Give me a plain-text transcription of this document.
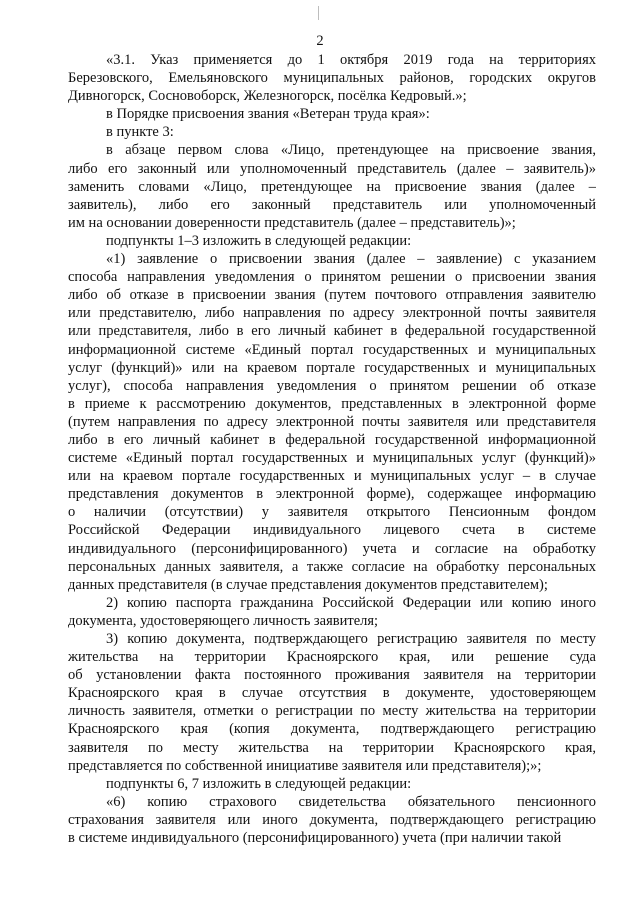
2
«3.1. Указ применяется до 1 октября 2019 года на территориях
Березовского, Емельяновского муниципальных районов, городских округов
Дивногорск, Сосновоборск, Железногорск, посёлка Кедровый.»;
в Порядке присвоения звания «Ветеран труда края»:
в пункте 3:
в абзаце первом слова «Лицо, претендующее на присвоение звания,
либо его законный или уполномоченный представитель (далее – заявитель)»
заменить словами «Лицо, претендующее на присвоение звания (далее –
заявитель), либо его законный представитель или уполномоченный
им на основании доверенности представитель (далее – представитель)»;
подпункты 1–3 изложить в следующей редакции:
«1) заявление о присвоении звания (далее – заявление) с указанием
способа направления уведомления о принятом решении о присвоении звания
либо об отказе в присвоении звания (путем почтового отправления заявителю
или представителю, либо направления по адресу электронной почты заявителя
или представителя, либо в его личный кабинет в федеральной государственной
информационной системе «Единый портал государственных и муниципальных
услуг (функций)» или на краевом портале государственных и муниципальных
услуг), способа направления уведомления о принятом решении об отказе
в приеме к рассмотрению документов, представленных в электронной форме
(путем направления по адресу электронной почты заявителя или представителя
либо в его личный кабинет в федеральной государственной информационной
системе «Единый портал государственных и муниципальных услуг (функций)»
или на краевом портале государственных и муниципальных услуг – в случае
представления документов в электронной форме), содержащее информацию
о наличии (отсутствии) у заявителя открытого Пенсионным фондом
Российской Федерации индивидуального лицевого счета в системе
индивидуального (персонифицированного) учета и согласие на обработку
персональных данных заявителя, а также согласие на обработку персональных
данных представителя (в случае представления документов представителем);
2) копию паспорта гражданина Российской Федерации или копию иного
документа, удостоверяющего личность заявителя;
3) копию документа, подтверждающего регистрацию заявителя по месту
жительства на территории Красноярского края, или решение суда
об установлении факта постоянного проживания заявителя на территории
Красноярского края в случае отсутствия в документе, удостоверяющем
личность заявителя, отметки о регистрации по месту жительства на территории
Красноярского края (копия документа, подтверждающего регистрацию
заявителя по месту жительства на территории Красноярского края,
представляется по собственной инициативе заявителя или представителя);»;
подпункты 6, 7 изложить в следующей редакции:
«6) копию страхового свидетельства обязательного пенсионного
страхования заявителя или иного документа, подтверждающего регистрацию
в системе индивидуального (персонифицированного) учета (при наличии такой
